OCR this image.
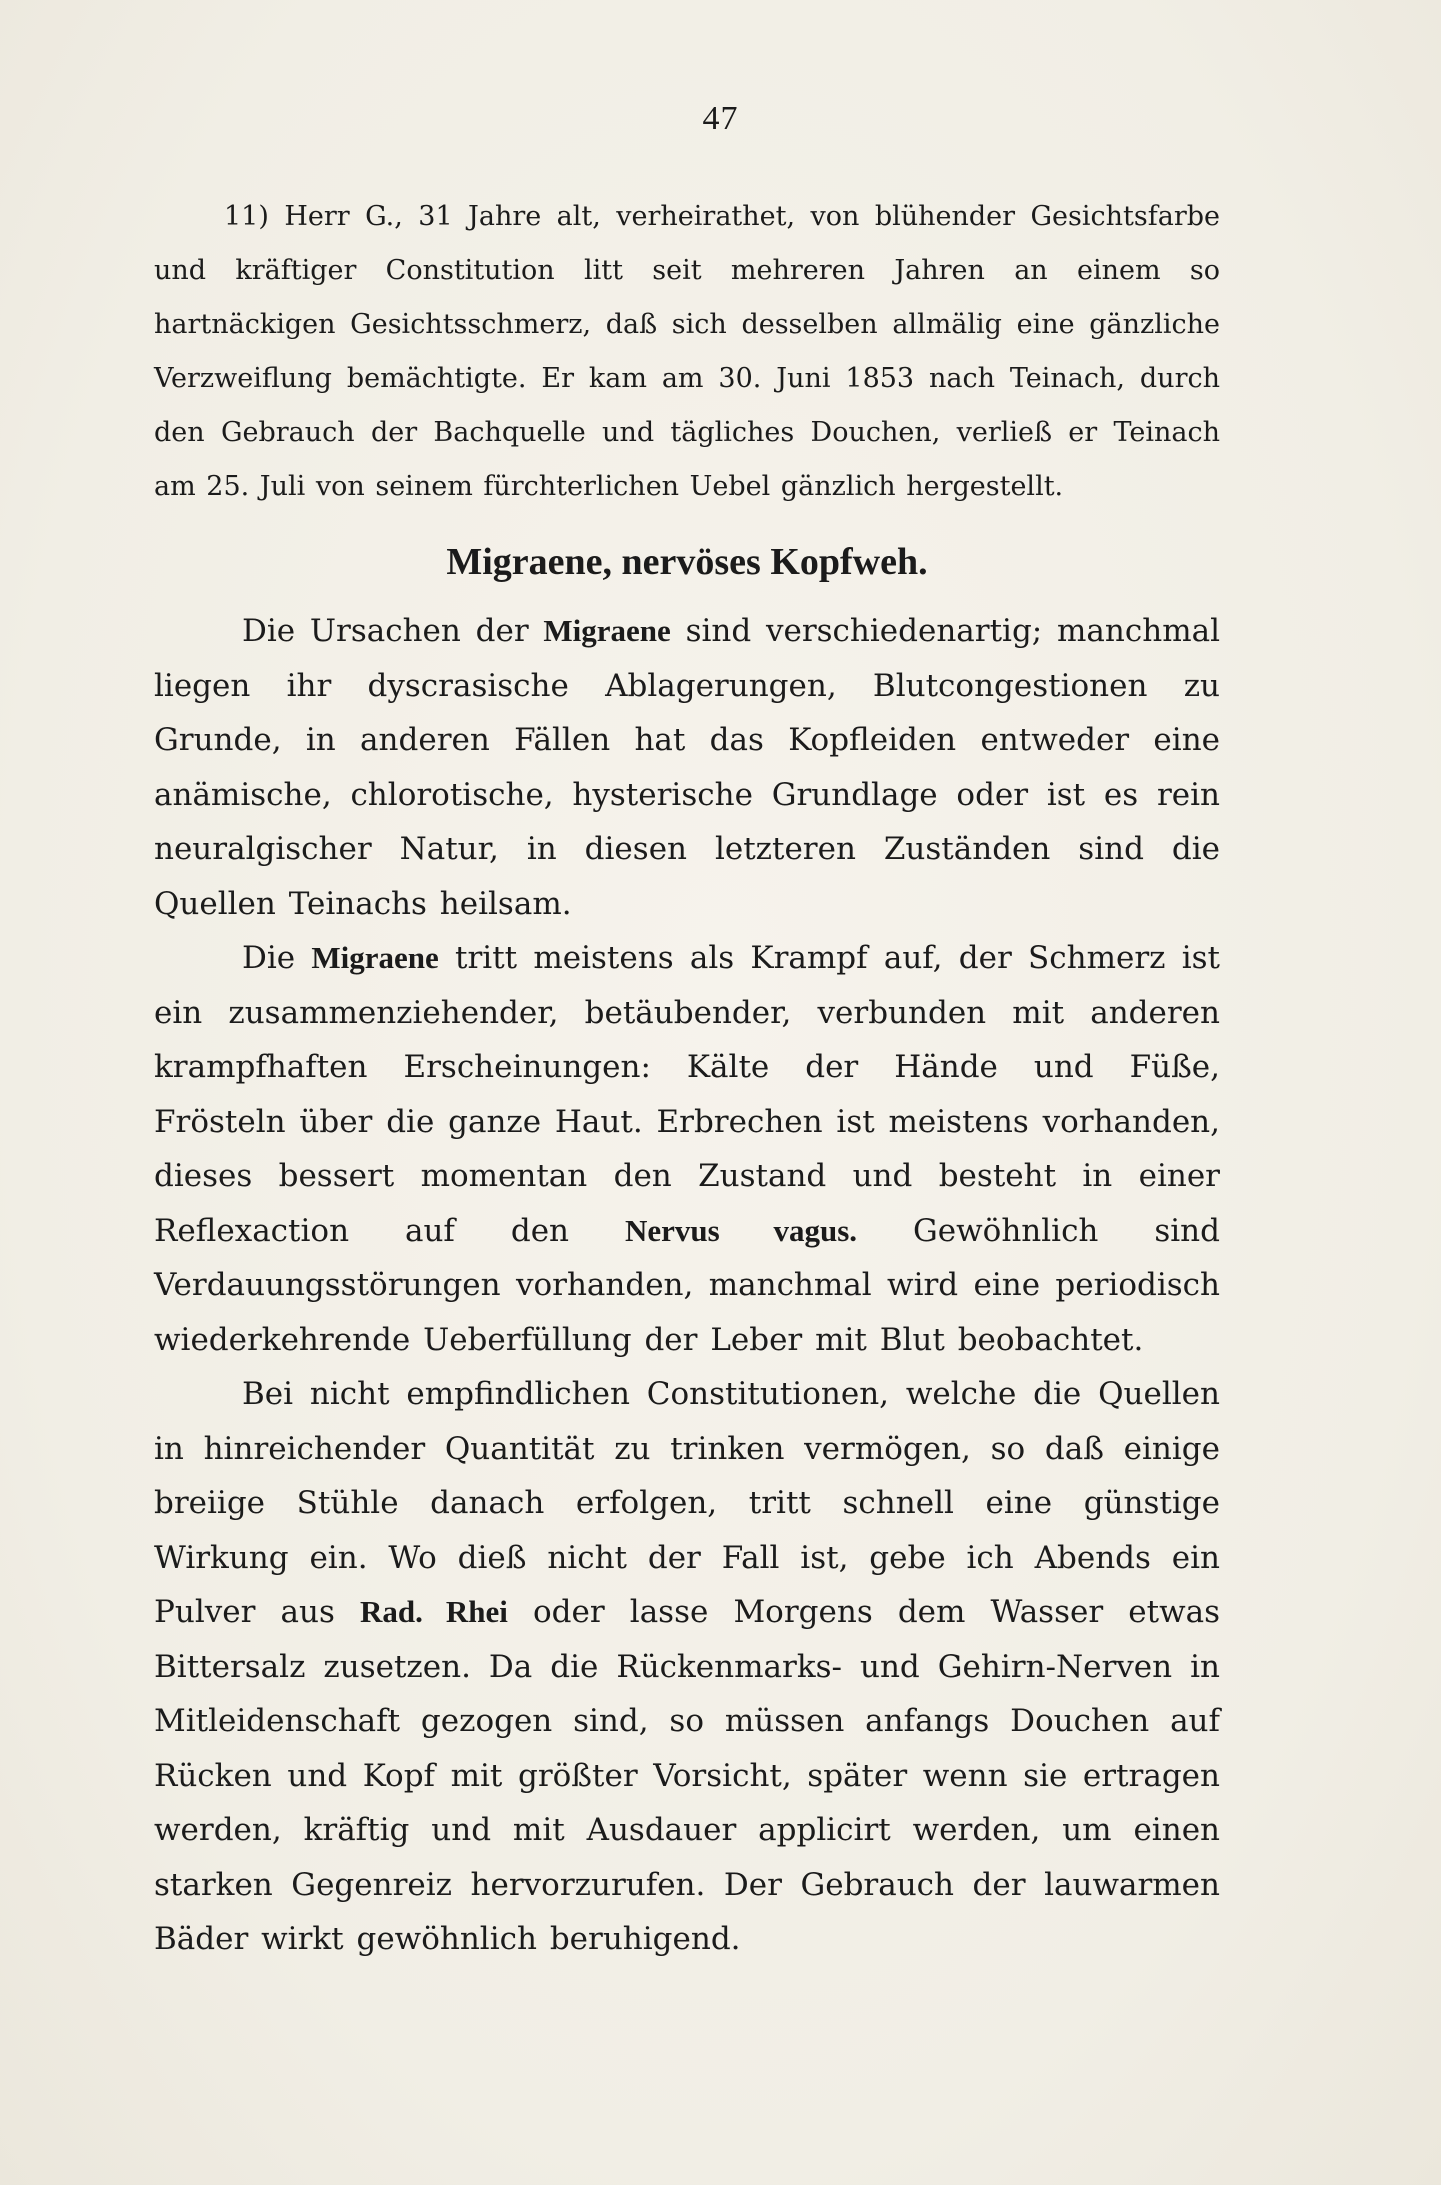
47

11) Herr G., 31 Jahre alt, verheirathet, von blühender Gesichtsfarbe und kräftiger Constitution litt seit mehreren Jahren an einem so hartnäckigen Gesichtsschmerz, daß sich desselben allmälig eine gänzliche Verzweiflung bemächtigte. Er kam am 30. Juni 1853 nach Teinach, durch den Gebrauch der Bachquelle und tägliches Douchen, verließ er Teinach am 25. Juli von seinem fürchterlichen Uebel gänzlich hergestellt.

Migraene, nervöses Kopfweh.

Die Ursachen der Migraene sind verschiedenartig; manchmal liegen ihr dyscrasische Ablagerungen, Blutcongestionen zu Grunde, in anderen Fällen hat das Kopfleiden entweder eine anämische, chlorotische, hysterische Grundlage oder ist es rein neuralgischer Natur, in diesen letzteren Zuständen sind die Quellen Teinachs heilsam.

Die Migraene tritt meistens als Krampf auf, der Schmerz ist ein zusammenziehender, betäubender, verbunden mit anderen krampfhaften Erscheinungen: Kälte der Hände und Füße, Frösteln über die ganze Haut. Erbrechen ist meistens vorhanden, dieses bessert momentan den Zustand und besteht in einer Reflexaction auf den Nervus vagus. Gewöhnlich sind Verdauungsstörungen vorhanden, manchmal wird eine periodisch wiederkehrende Ueberfüllung der Leber mit Blut beobachtet.

Bei nicht empfindlichen Constitutionen, welche die Quellen in hinreichender Quantität zu trinken vermögen, so daß einige breiige Stühle danach erfolgen, tritt schnell eine günstige Wirkung ein. Wo dieß nicht der Fall ist, gebe ich Abends ein Pulver aus Rad. Rhei oder lasse Morgens dem Wasser etwas Bittersalz zusetzen. Da die Rückenmarks- und Gehirn-Nerven in Mitleidenschaft gezogen sind, so müssen anfangs Douchen auf Rücken und Kopf mit größter Vorsicht, später wenn sie ertragen werden, kräftig und mit Ausdauer applicirt werden, um einen starken Gegenreiz hervorzurufen. Der Gebrauch der lauwarmen Bäder wirkt gewöhnlich beruhigend.
